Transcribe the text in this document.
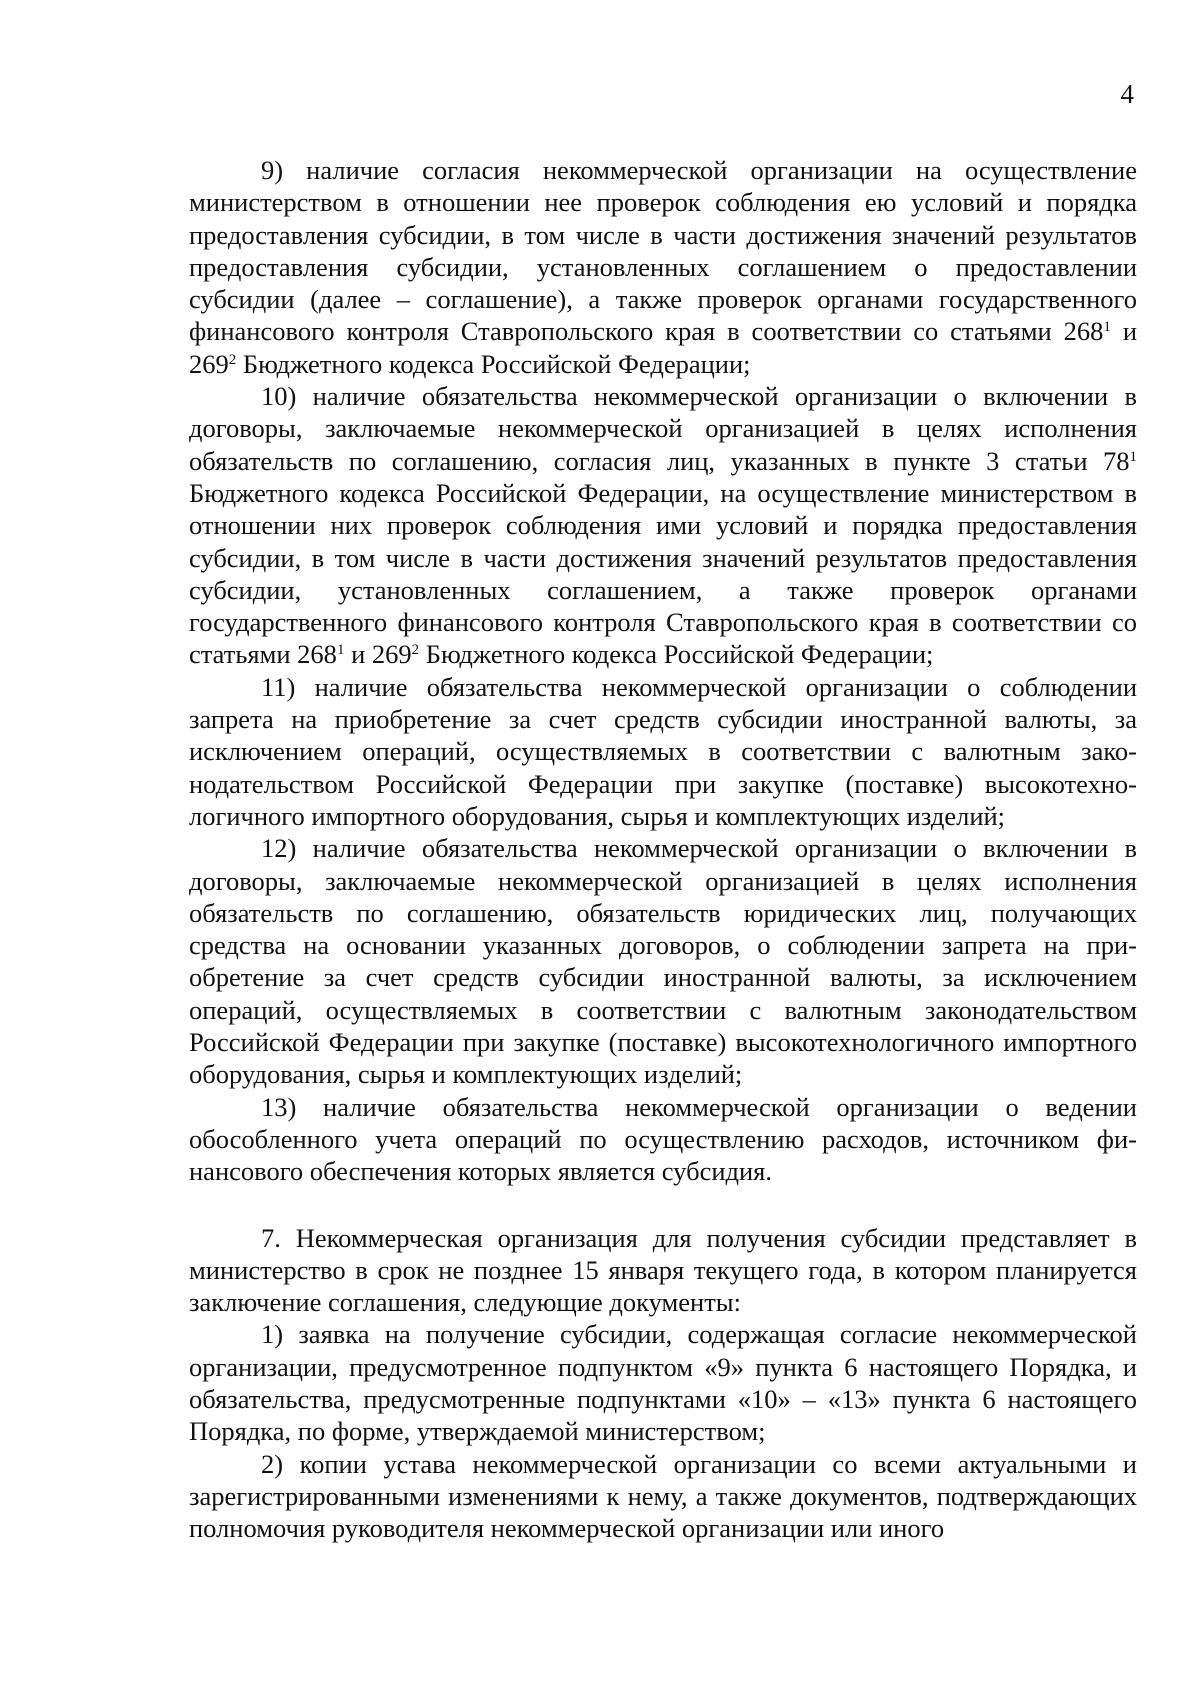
4

9) наличие согласия некоммерческой организации на осуществление министерством в отношении нее проверок соблюдения ею условий и порядка предоставления субсидии, в том числе в части достижения значений результатов предоставления субсидии, установленных соглашением о предоставлении субсидии (далее – соглашение), а также проверок органами государственного финансового контроля Ставропольского края в соответствии со статьями $268^1$ и $269^2$ Бюджетного кодекса Российской Федерации;

10) наличие обязательства некоммерческой организации о включении в договоры, заключаемые некоммерческой организацией в целях исполнения обязательств по соглашению, согласия лиц, указанных в пункте 3 статьи $78^1$ Бюджетного кодекса Российской Федерации, на осуществление министерством в отношении них проверок соблюдения ими условий и порядка предоставления субсидии, в том числе в части достижения значений результатов предоставления субсидии, установленных соглашением, а также проверок органами государственного финансового контроля Ставропольского края в соответствии со статьями $268^1$ и $269^2$ Бюджетного кодекса Российской Федерации;

11) наличие обязательства некоммерческой организации о соблюдении запрета на приобретение за счет средств субсидии иностранной валюты, за исключением операций, осуществляемых в соответствии с валютным законодательством Российской Федерации при закупке (поставке) высокотехнологичного импортного оборудования, сырья и комплектующих изделий;

12) наличие обязательства некоммерческой организации о включении в договоры, заключаемые некоммерческой организацией в целях исполнения обязательств по соглашению, обязательств юридических лиц, получающих средства на основании указанных договоров, о соблюдении запрета на приобретение за счет средств субсидии иностранной валюты, за исключением операций, осуществляемых в соответствии с валютным законодательством Российской Федерации при закупке (поставке) высокотехнологичного импортного оборудования, сырья и комплектующих изделий;

13) наличие обязательства некоммерческой организации о ведении обособленного учета операций по осуществлению расходов, источником финансового обеспечения которых является субсидия.

7. Некоммерческая организация для получения субсидии представляет в министерство в срок не позднее 15 января текущего года, в котором планируется заключение соглашения, следующие документы:

1) заявка на получение субсидии, содержащая согласие некоммерческой организации, предусмотренное подпунктом «9» пункта 6 настоящего Порядка, и обязательства, предусмотренные подпунктами «10» – «13» пункта 6 настоящего Порядка, по форме, утверждаемой министерством;

2) копии устава некоммерческой организации со всеми актуальными и зарегистрированными изменениями к нему, а также документов, подтверждающих полномочия руководителя некоммерческой организации или иного
